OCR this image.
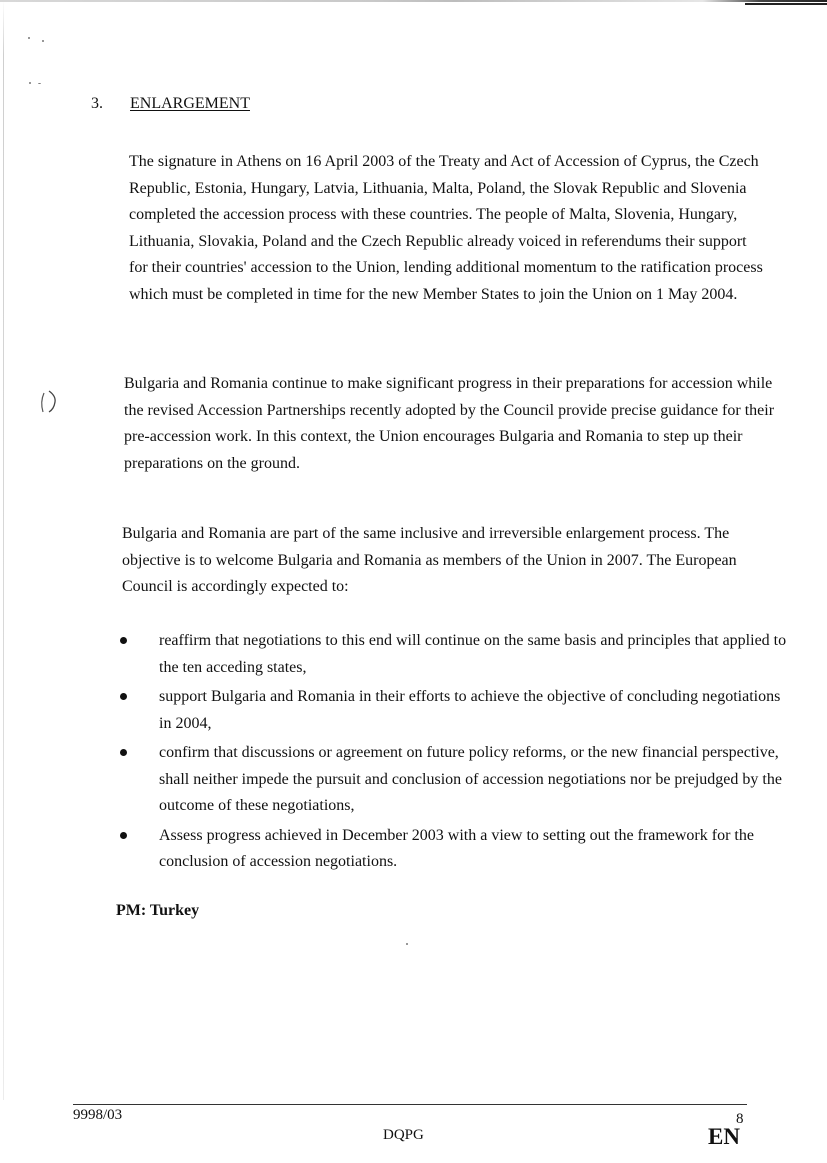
3. ENLARGEMENT

The signature in Athens on 16 April 2003 of the Treaty and Act of Accession of Cyprus, the Czech Republic, Estonia, Hungary, Latvia, Lithuania, Malta, Poland, the Slovak Republic and Slovenia completed the accession process with these countries. The people of Malta, Slovenia, Hungary, Lithuania, Slovakia, Poland and the Czech Republic already voiced in referendums their support for their countries' accession to the Union, lending additional momentum to the ratification process which must be completed in time for the new Member States to join the Union on 1 May 2004.

Bulgaria and Romania continue to make significant progress in their preparations for accession while the revised Accession Partnerships recently adopted by the Council provide precise guidance for their pre-accession work. In this context, the Union encourages Bulgaria and Romania to step up their preparations on the ground.

Bulgaria and Romania are part of the same inclusive and irreversible enlargement process. The objective is to welcome Bulgaria and Romania as members of the Union in 2007. The European Council is accordingly expected to:

reaffirm that negotiations to this end will continue on the same basis and principles that applied to the ten acceding states,
support Bulgaria and Romania in their efforts to achieve the objective of concluding negotiations in 2004,
confirm that discussions or agreement on future policy reforms, or the new financial perspective, shall neither impede the pursuit and conclusion of accession negotiations nor be prejudged by the outcome of these negotiations,
Assess progress achieved in December 2003 with a view to setting out the framework for the conclusion of accession negotiations.
PM: Turkey
9998/03	8
DQPG	EN
